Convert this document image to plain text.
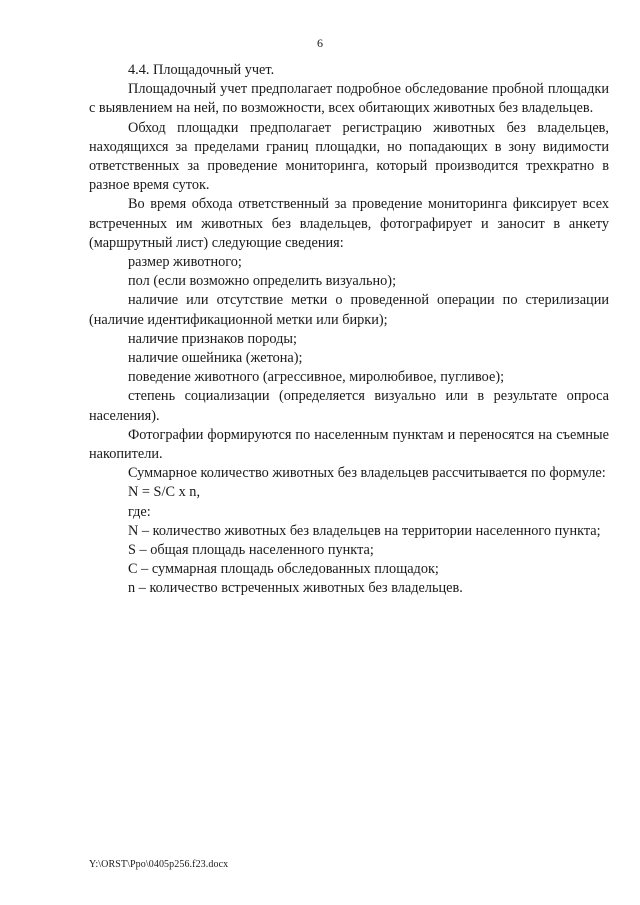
6

4.4. Площадочный учет.

Площадочный учет предполагает подробное обследование пробной площадки с выявлением на ней, по возможности, всех обитающих животных без владельцев.

Обход площадки предполагает регистрацию животных без владельцев, находящихся за пределами границ площадки, но попадающих в зону видимости ответственных за проведение мониторинга, который производится трехкратно в разное время суток.

Во время обхода ответственный за проведение мониторинга фиксирует всех встреченных им животных без владельцев, фотографирует и заносит в анкету (маршрутный лист) следующие сведения:

размер животного;

пол (если возможно определить визуально);

наличие или отсутствие метки о проведенной операции по стерилизации (наличие идентификационной метки или бирки);

наличие признаков породы;

наличие ошейника (жетона);

поведение животного (агрессивное, миролюбивое, пугливое);

степень социализации (определяется визуально или в результате опроса населения).

Фотографии формируются по населенным пунктам и переносятся на съемные накопители.

Суммарное количество животных без владельцев рассчитывается по формуле:

N = S/C x n,

где:

N – количество животных без владельцев на территории населенного пункта;

S – общая площадь населенного пункта;

C – суммарная площадь обследованных площадок;

n – количество встреченных животных без владельцев.

Y:\ORST\Ppo\0405p256.f23.docx
